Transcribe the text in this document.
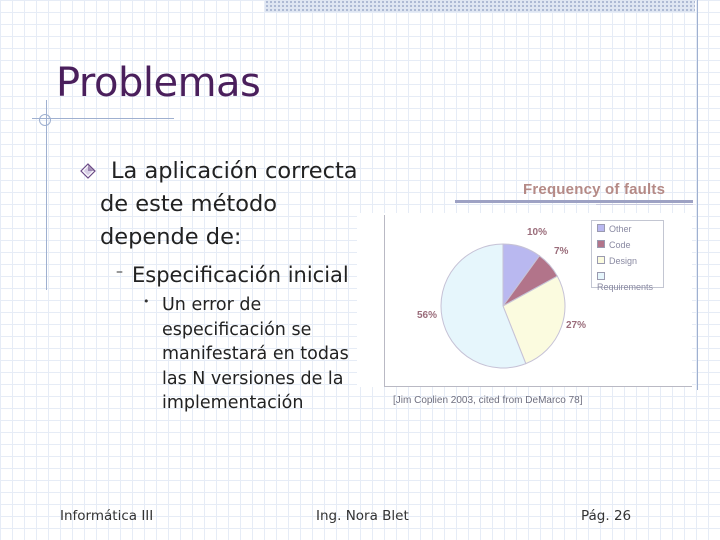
Problemas
La aplicación correcta de este método depende de:
– Especificación inicial
• Un error de especificación se manifestará en todas las N versiones de la implementación
Frequency of faults
10%
7%
27%
56%
Other
Code
Design
Requirements
[Jim Coplien 2003, cited from DeMarco 78]
Informática III	Ing. Nora Blet	Pág. 26
